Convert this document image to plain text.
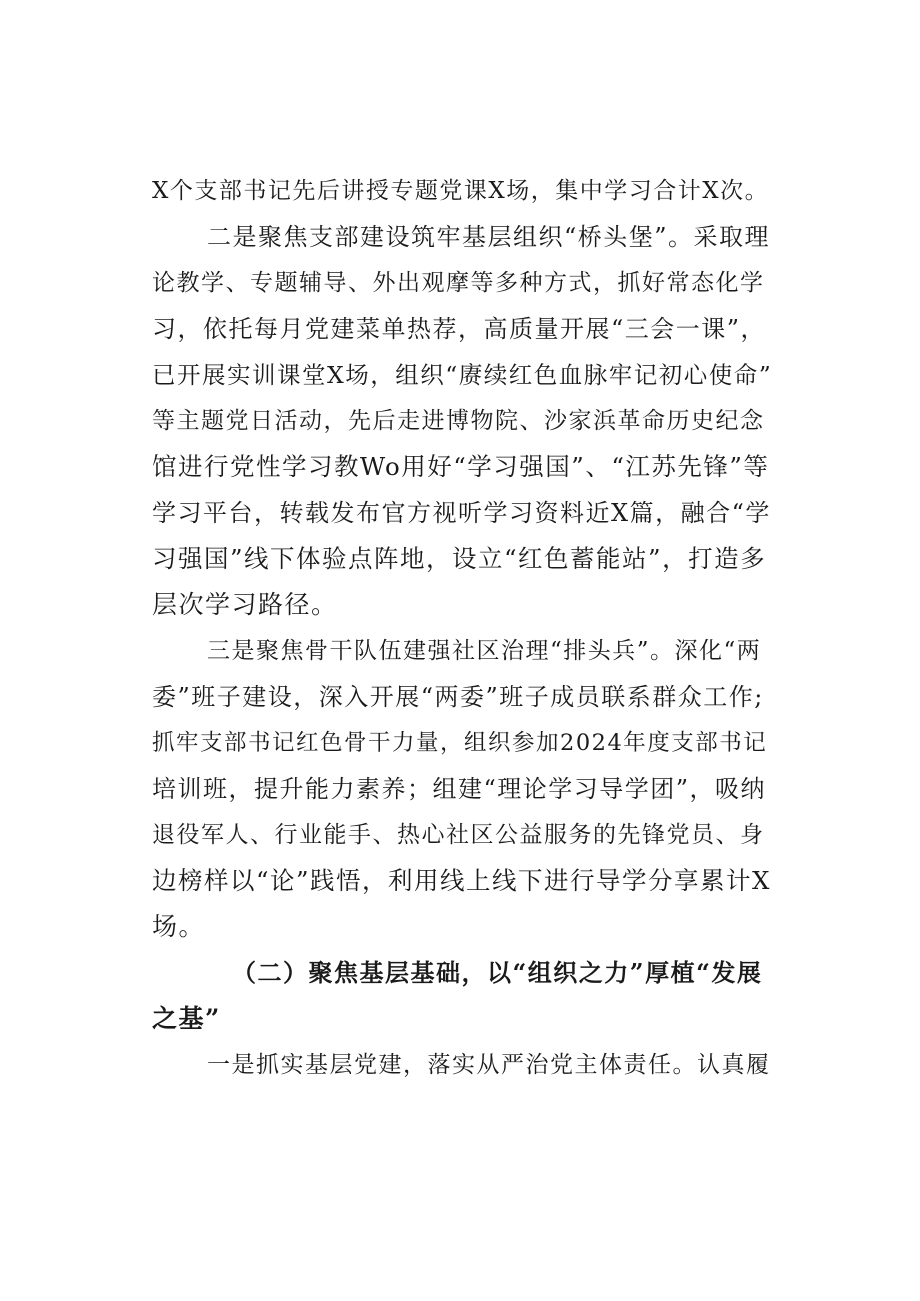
X个支部书记先后讲授专题党课X场，集中学习合计X次。
二是聚焦支部建设筑牢基层组织“桥头堡”。采取理
论教学、专题辅导、外出观摩等多种方式，抓好常态化学
习，依托每月党建菜单热荐，高质量开展“三会一课”，
已开展实训课堂X场，组织“赓续红色血脉牢记初心使命”
等主题党日活动，先后走进博物院、沙家浜革命历史纪念
馆进行党性学习教Wo用好“学习强国”、“江苏先锋”等
学习平台，转载发布官方视听学习资料近X篇，融合“学
习强国”线下体验点阵地，设立“红色蓄能站”，打造多
层次学习路径。
三是聚焦骨干队伍建强社区治理“排头兵”。深化“两
委”班子建设，深入开展“两委”班子成员联系群众工作;
抓牢支部书记红色骨干力量，组织参加2024年度支部书记
培训班，提升能力素养；组建“理论学习导学团”，吸纳
退役军人、行业能手、热心社区公益服务的先锋党员、身
边榜样以“论”践悟，利用线上线下进行导学分享累计X
场。
（二）聚焦基层基础，以“组织之力”厚植“发展
之基”
一是抓实基层党建，落实从严治党主体责任。认真履
